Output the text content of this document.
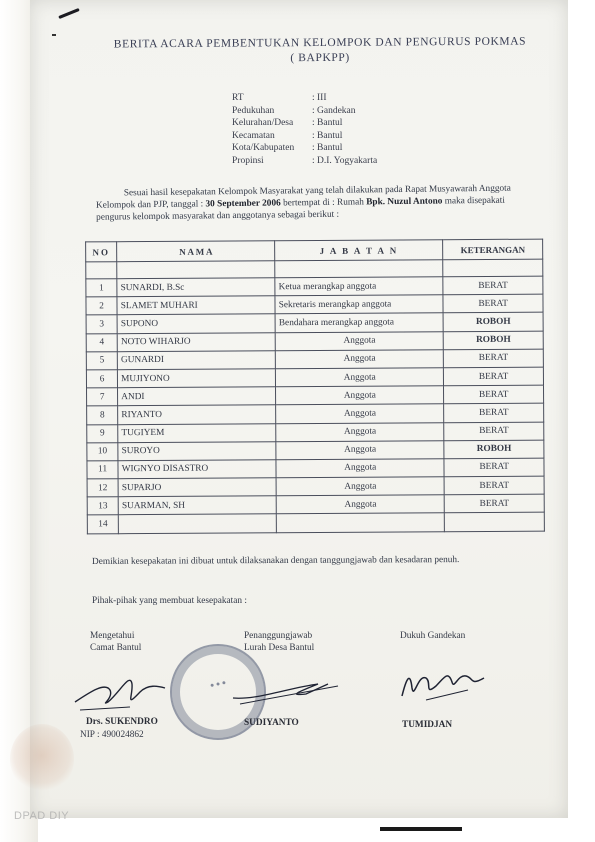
BERITA ACARA PEMBENTUKAN KELOMPOK DAN PENGURUS POKMAS
( BAPKPP)
RT	: III
Pedukuhan	: Gandekan
Kelurahan/Desa	: Bantul
Kecamatan	: Bantul
Kota/Kabupaten	: Bantul
Propinsi	: D.I. Yogyakarta
Sesuai hasil kesepakatan Kelompok Masyarakat yang telah dilakukan pada Rapat Musyawarah Anggota Kelompok dan PJP, tanggal : 30 September 2006 bertempat di : Rumah Bpk. Nuzul Antono maka disepakati pengurus kelompok masyarakat dan anggotanya sebagai berikut :
NO	N A M A	J A B A T A N	KETERANGAN

1	SUNARDI, B.Sc	Ketua merangkap anggota	BERAT
2	SLAMET MUHARI	Sekretaris merangkap anggota	BERAT
3	SUPONO	Bendahara merangkap anggota	ROBOH
4	NOTO WIHARJO	Anggota	ROBOH
5	GUNARDI	Anggota	BERAT
6	MUJIYONO	Anggota	BERAT
7	ANDI	Anggota	BERAT
8	RIYANTO	Anggota	BERAT
9	TUGIYEM	Anggota	BERAT
10	SUROYO	Anggota	ROBOH
11	WIGNYO DISASTRO	Anggota	BERAT
12	SUPARJO	Anggota	BERAT
13	SUARMAN, SH	Anggota	BERAT
14			
Demikian kesepakatan ini dibuat untuk dilaksanakan dengan tanggungjawab dan kesadaran penuh.
Pihak-pihak yang membuat kesepakatan :
Mengetahui
Camat Bantul
Penanggungjawab
Lurah Desa Bantul
Dukuh Gandekan
● ● ●
Drs. SUKENDRO
NIP : 490024862
SUDIYANTO	TUMIDJAN
DPAD DIY
